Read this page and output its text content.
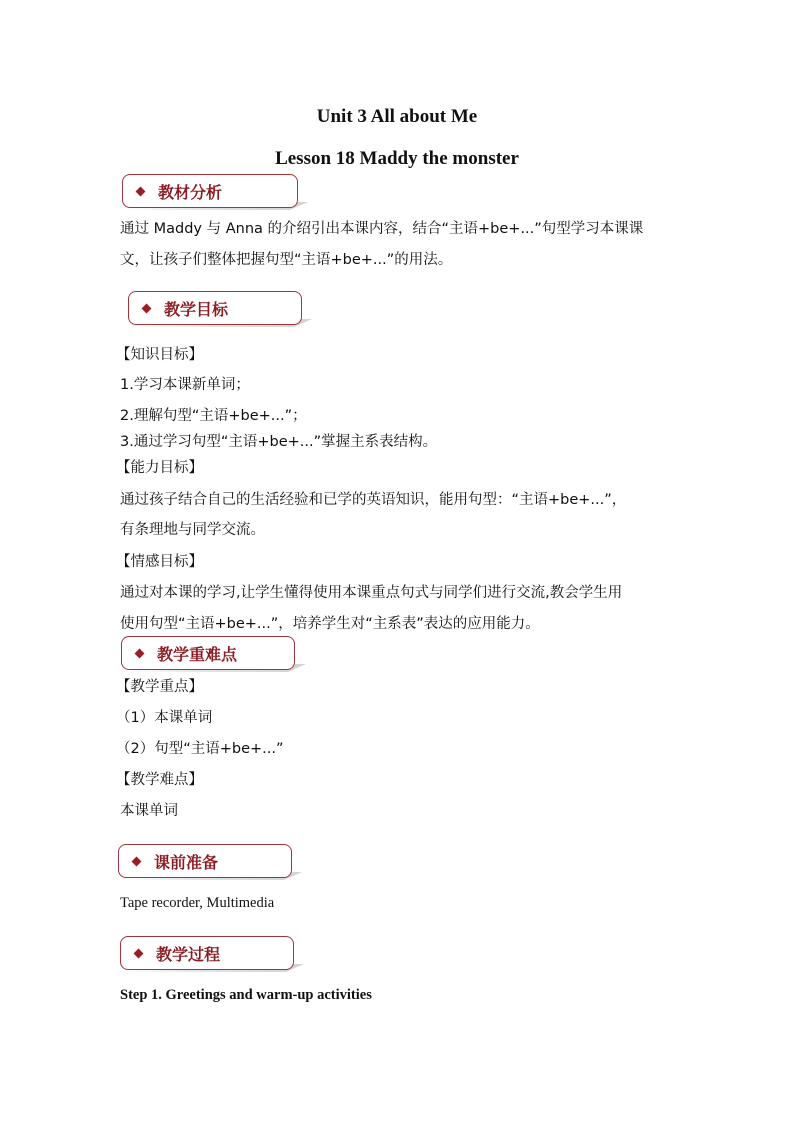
Unit 3 All about Me
Lesson 18 Maddy the monster
教材分析
通过 Maddy 与 Anna 的介绍引出本课内容，结合“主语+be+...”句型学习本课课
文，让孩子们整体把握句型“主语+be+...”的用法。
教学目标
【知识目标】
1.学习本课新单词；
2.理解句型“主语+be+...”；
3.通过学习句型“主语+be+...”掌握主系表结构。
【能力目标】
通过孩子结合自己的生活经验和已学的英语知识，能用句型：“主语+be+...”，
有条理地与同学交流。
【情感目标】
通过对本课的学习,让学生懂得使用本课重点句式与同学们进行交流,教会学生用
使用句型“主语+be+...”，培养学生对“主系表”表达的应用能力。
教学重难点
【教学重点】
（1）本课单词
（2）句型“主语+be+...”
【教学难点】
本课单词
课前准备
Tape recorder, Multimedia
教学过程
Step 1. Greetings and warm-up activities
